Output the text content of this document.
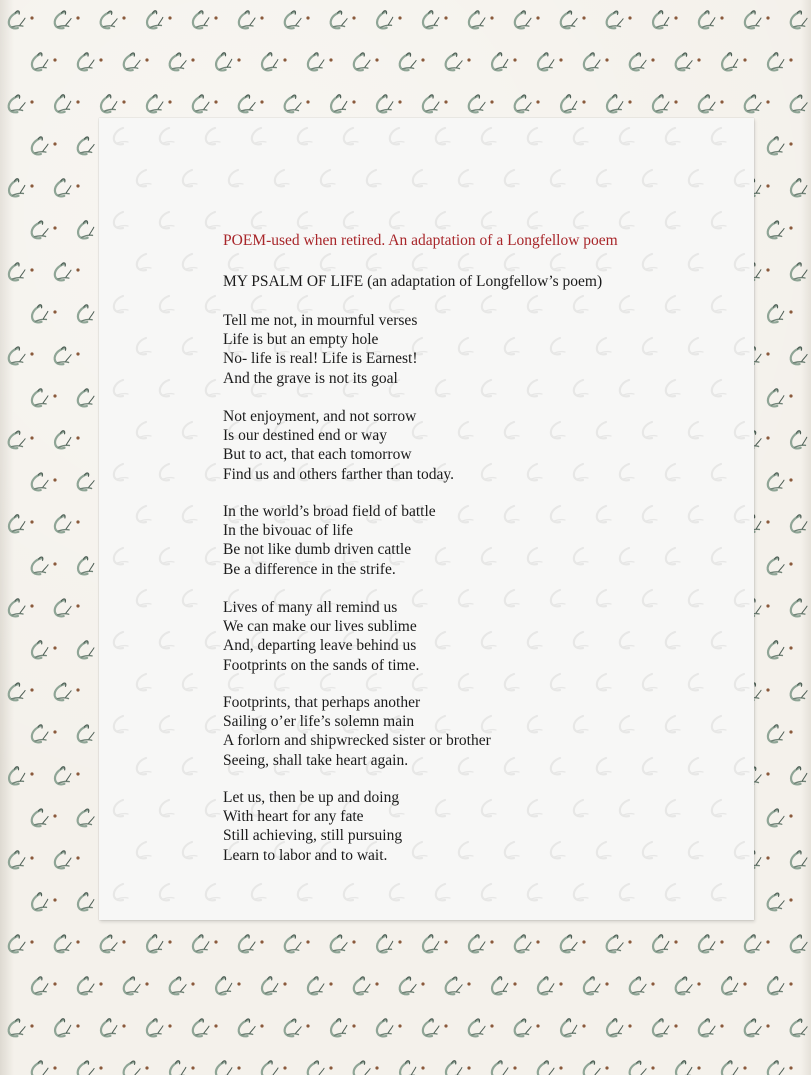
POEM-used when retired. An adaptation of a Longfellow poem
MY PSALM OF LIFE (an adaptation of Longfellow’s poem)
Tell me not, in mournful verses
Life is but an empty hole
No- life is real! Life is Earnest!
And the grave is not its goal
Not enjoyment, and not sorrow
Is our destined end or way
But to act, that each tomorrow
Find us and others farther than today.
In the world’s broad field of battle
In the bivouac of life
Be not like dumb driven cattle
Be a difference in the strife.
Lives of many all remind us
We can make our lives sublime
And, departing leave behind us
Footprints on the sands of time.
Footprints, that perhaps another
Sailing o’er life’s solemn main
A forlorn and shipwrecked sister or brother
Seeing, shall take heart again.
Let us, then be up and doing
With heart for any fate
Still achieving, still pursuing
Learn to labor and to wait.
